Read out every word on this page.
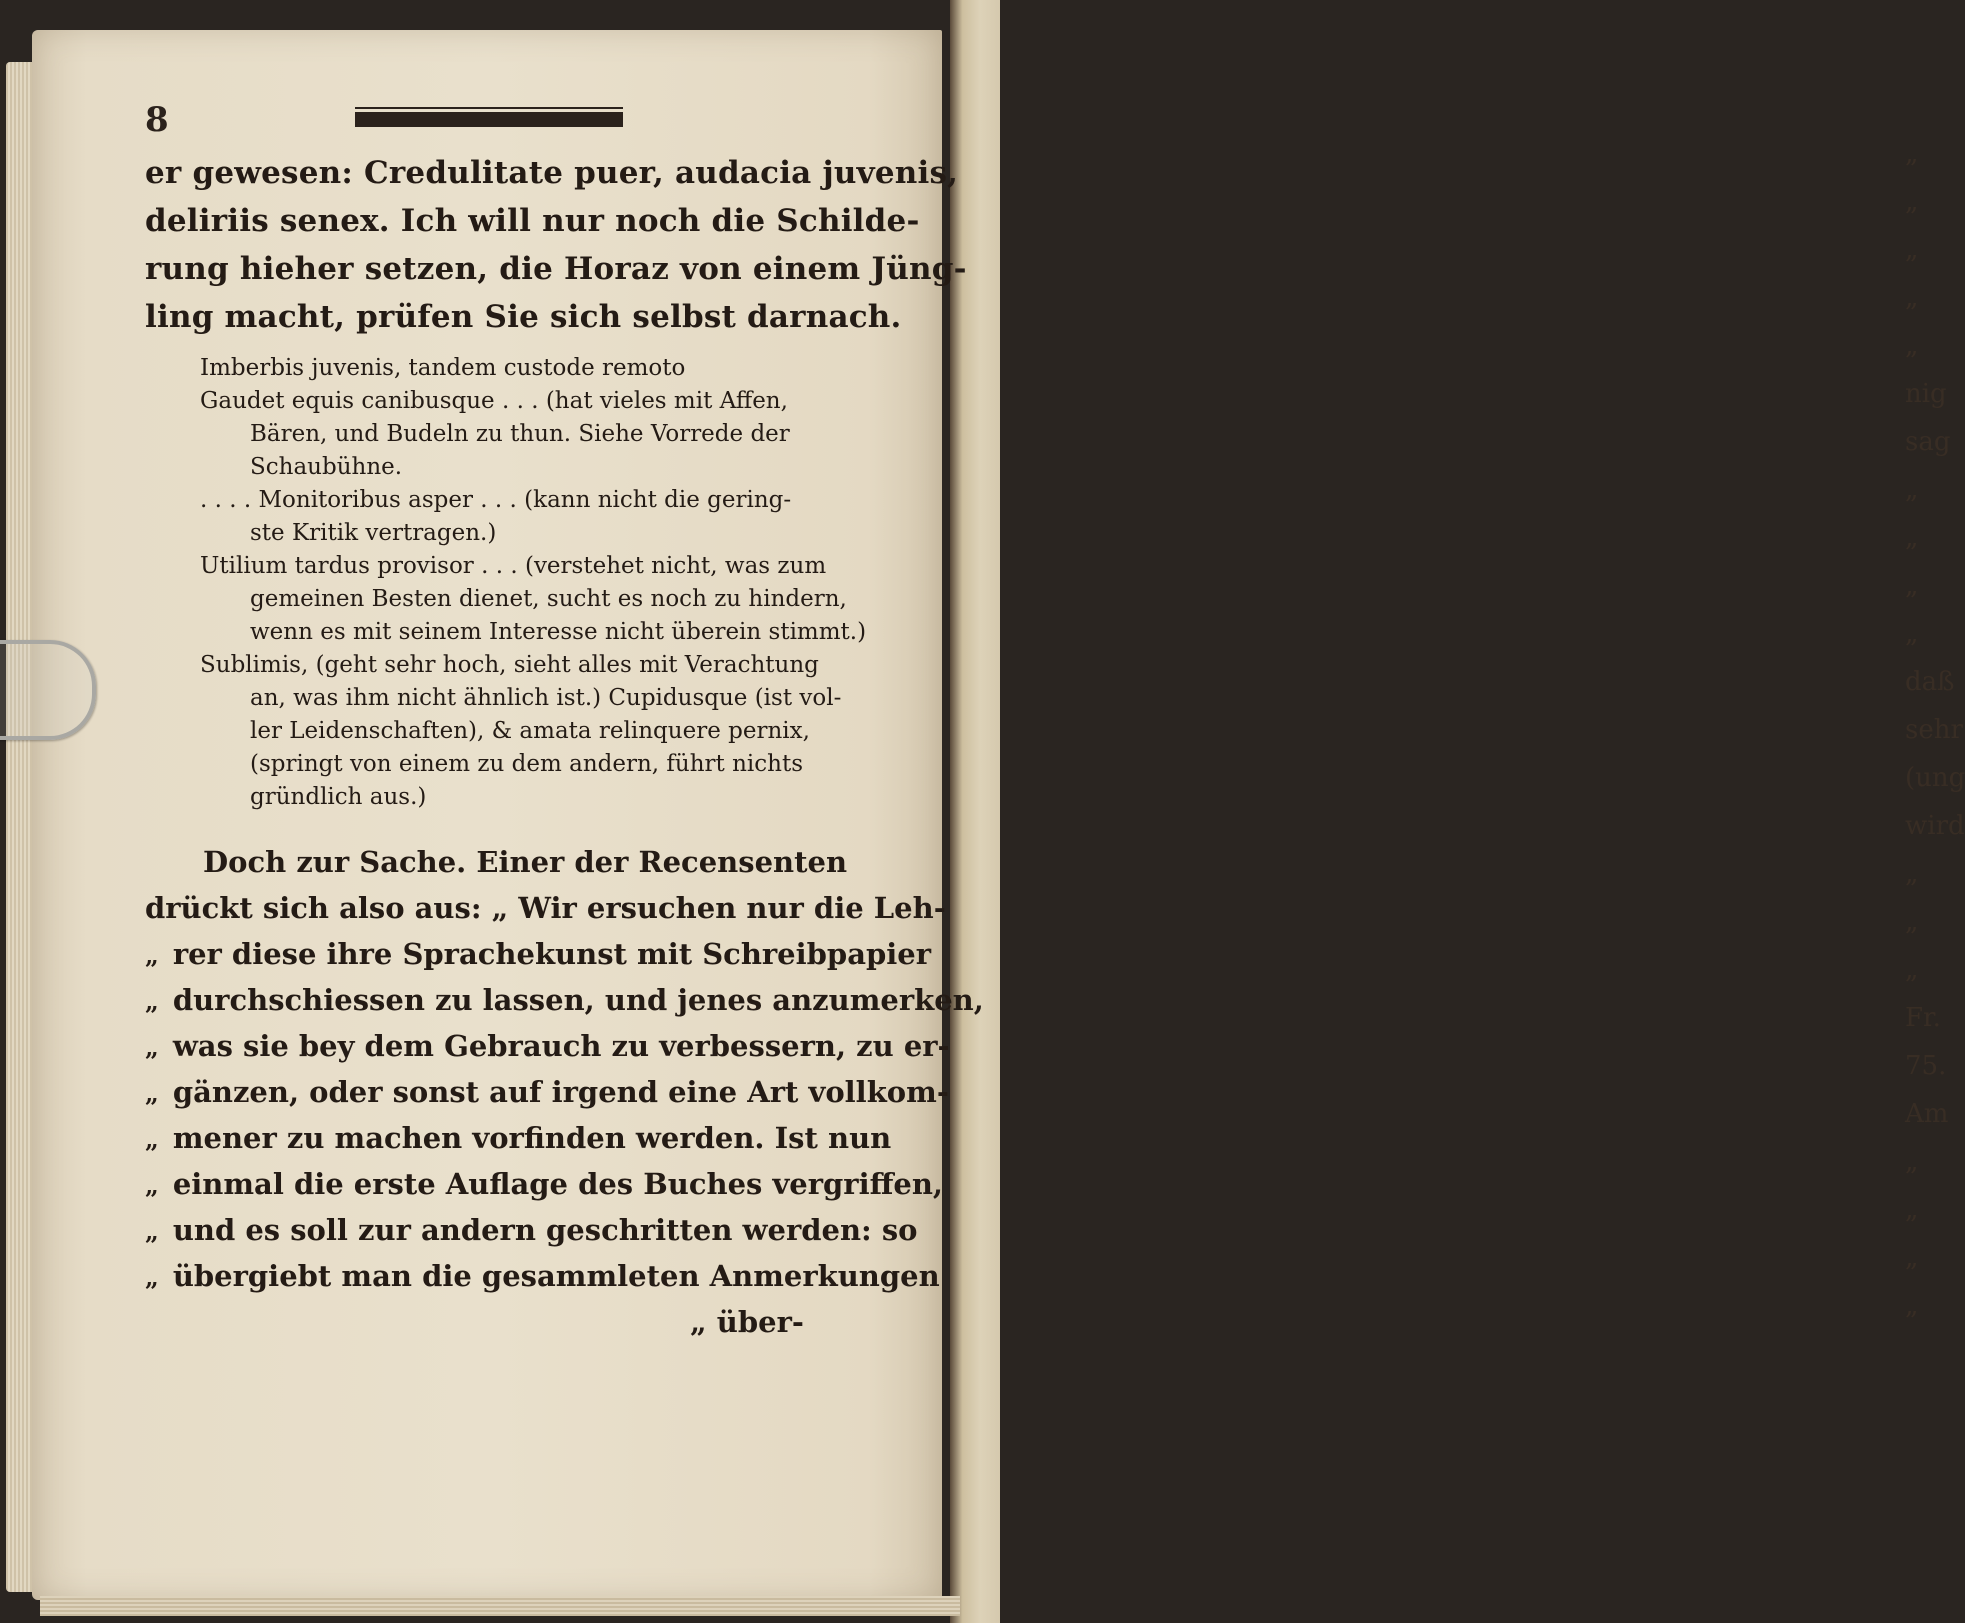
„
„
„
„
„
nig
sag
„
„
„
„
daß
sehr
(ung
wird
„
„
„
Fr.
75.
Am
„
„
„
„
8
er gewesen: Credulitate puer, audacia juvenis,
deliriis senex. Ich will nur noch die Schilde-
rung hieher setzen, die Horaz von einem Jüng-
ling macht, prüfen Sie sich selbst darnach.
Imberbis juvenis, tandem custode remoto
Gaudet equis canibusque . . . (hat vieles mit Affen,
Bären, und Budeln zu thun. Siehe Vorrede der
Schaubühne.
. . . . Monitoribus asper . . . (kann nicht die gering-
ste Kritik vertragen.)
Utilium tardus provisor . . . (verstehet nicht, was zum
gemeinen Besten dienet, sucht es noch zu hindern,
wenn es mit seinem Interesse nicht überein stimmt.)
Sublimis, (geht sehr hoch, sieht alles mit Verachtung
an, was ihm nicht ähnlich ist.) Cupidusque (ist vol-
ler Leidenschaften), & amata relinquere pernix,
(springt von einem zu dem andern, führt nichts
gründlich aus.)
Doch zur Sache. Einer der Recensenten
drückt sich also aus: „ Wir ersuchen nur die Leh-
„ rer diese ihre Sprachekunst mit Schreibpapier
„ durchschiessen zu lassen, und jenes anzumerken,
„ was sie bey dem Gebrauch zu verbessern, zu er-
„ gänzen, oder sonst auf irgend eine Art vollkom-
„ mener zu machen vorfinden werden. Ist nun
„ einmal die erste Auflage des Buches vergriffen,
„ und es soll zur andern geschritten werden: so
„ übergiebt man die gesammleten Anmerkungen
„ über-
